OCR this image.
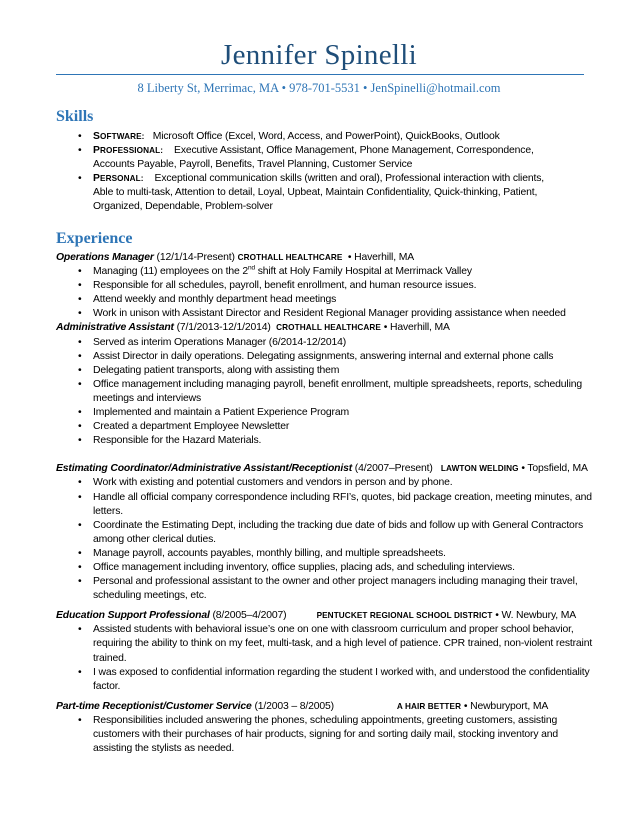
Jennifer Spinelli
8 Liberty St, Merrimac, MA • 978-701-5531 • JenSpinelli@hotmail.com
Skills
• SOFTWARE: Microsoft Office (Excel, Word, Access, and PowerPoint), QuickBooks, Outlook
• PROFESSIONAL: Executive Assistant, Office Management, Phone Management, Correspondence,
Accounts Payable, Payroll, Benefits, Travel Planning, Customer Service
• PERSONAL: Exceptional communication skills (written and oral), Professional interaction with clients,
Able to multi-task, Attention to detail, Loyal, Upbeat, Maintain Confidentiality, Quick-thinking, Patient,
Organized, Dependable, Problem-solver
Experience
Operations Manager (12/1/14-Present) CROTHALL HEALTHCARE • Haverhill, MA
• Managing (11) employees on the 2nd shift at Holy Family Hospital at Merrimack Valley
• Responsible for all schedules, payroll, benefit enrollment, and human resource issues.
• Attend weekly and monthly department head meetings
• Work in unison with Assistant Director and Resident Regional Manager providing assistance when needed
Administrative Assistant (7/1/2013-12/1/2014) CROTHALL HEALTHCARE • Haverhill, MA
• Served as interim Operations Manager (6/2014-12/2014)
• Assist Director in daily operations. Delegating assignments, answering internal and external phone calls
• Delegating patient transports, along with assisting them
• Office management including managing payroll, benefit enrollment, multiple spreadsheets, reports, scheduling meetings and interviews
• Implemented and maintain a Patient Experience Program
• Created a department Employee Newsletter
• Responsible for the Hazard Materials.
Estimating Coordinator/Administrative Assistant/Receptionist (4/2007–Present) LAWTON WELDING • Topsfield, MA
• Work with existing and potential customers and vendors in person and by phone.
• Handle all official company correspondence including RFI’s, quotes, bid package creation, meeting minutes, and letters.
• Coordinate the Estimating Dept, including the tracking due date of bids and follow up with General Contractors among other clerical duties.
• Manage payroll, accounts payables, monthly billing, and multiple spreadsheets.
• Office management including inventory, office supplies, placing ads, and scheduling interviews.
• Personal and professional assistant to the owner and other project managers including managing their travel, scheduling meetings, etc.
Education Support Professional (8/2005–4/2007)	PENTUCKET REGIONAL SCHOOL DISTRICT • W. Newbury, MA
• Assisted students with behavioral issue’s one on one with classroom curriculum and proper school behavior, requiring the ability to think on my feet, multi-task, and a high level of patience. CPR trained, non-violent restraint trained.
• I was exposed to confidential information regarding the student I worked with, and understood the confidentiality factor.
Part-time Receptionist/Customer Service (1/2003 – 8/2005)	A HAIR BETTER • Newburyport, MA
• Responsibilities included answering the phones, scheduling appointments, greeting customers, assisting customers with their purchases of hair products, signing for and sorting daily mail, stocking inventory and assisting the stylists as needed.
